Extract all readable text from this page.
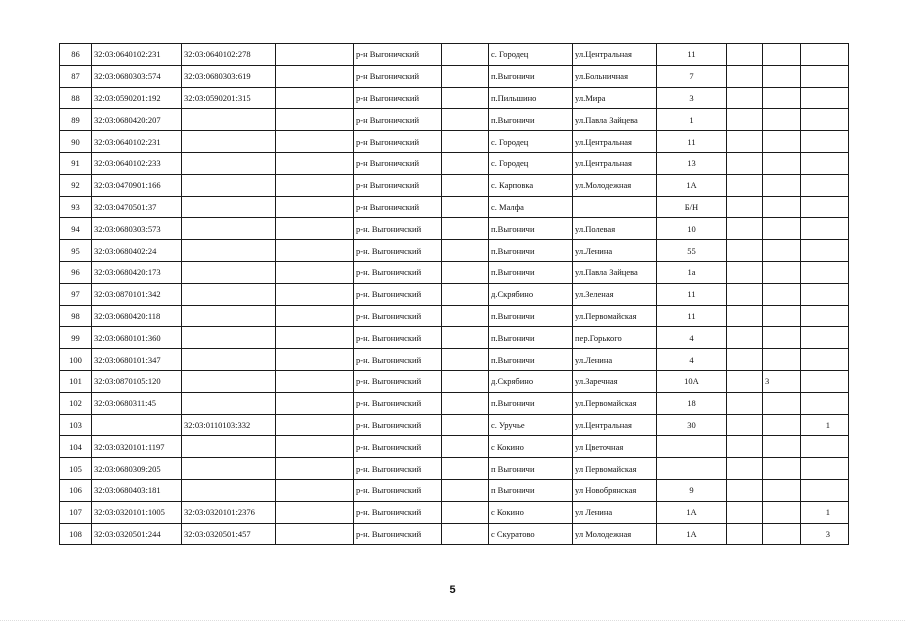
86	32:03:0640102:231	32:03:0640102:278		р-н Выгоничский		с. Городец	ул.Центральная	11			
87	32:03:0680303:574	32:03:0680303:619		р-н Выгоничский		п.Выгоничи	ул.Больничная	7			
88	32:03:0590201:192	32:03:0590201:315		р-н Выгоничский		п.Пильшино	ул.Мира	3			
89	32:03:0680420:207			р-н Выгоничский		п.Выгоничи	ул.Павла Зайцева	1			
90	32:03:0640102:231			р-н Выгоничский		с. Городец	ул.Центральная	11			
91	32:03:0640102:233			р-н Выгоничский		с. Городец	ул.Центральная	13			
92	32:03:0470901:166			р-н Выгоничский		с. Карповка	ул.Молодежная	1А			
93	32:03:0470501:37			р-н Выгоничский		с. Малфа		Б/Н			
94	32:03:0680303:573			р-н. Выгоничский		п.Выгоничи	ул.Полевая	10			
95	32:03:0680402:24			р-н. Выгоничский		п.Выгоничи	ул.Ленина	55			
96	32:03:0680420:173			р-н. Выгоничский		п.Выгоничи	ул.Павла Зайцева	1а			
97	32:03:0870101:342			р-н. Выгоничский		д.Скрябино	ул.Зеленая	11			
98	32:03:0680420:118			р-н. Выгоничский		п.Выгоничи	ул.Первомайская	11			
99	32:03:0680101:360			р-н. Выгоничский		п.Выгоничи	пер.Горького	4			
100	32:03:0680101:347			р-н. Выгоничский		п.Выгоничи	ул.Ленина	4			
101	32:03:0870105:120			р-н. Выгоничский		д.Скрябино	ул.Заречная	10А		3	
102	32:03:0680311:45			р-н. Выгоничский		п.Выгоничи	ул.Первомайская	18			
103		32:03:0110103:332		р-н. Выгоничский		с. Уручье	ул.Центральная	30			1
104	32:03:0320101:1197			р-н. Выгоничский		с Кокино	ул Цветочная				
105	32:03:0680309:205			р-н. Выгоничский		п Выгоничи	ул Первомайская				
106	32:03:0680403:181			р-н. Выгоничский		п Выгоничи	ул Новобрянская	9			
107	32:03:0320101:1005	32:03:0320101:2376		р-н. Выгоничский		с Кокино	ул Ленина	1А			1
108	32:03:0320501:244	32:03:0320501:457		р-н. Выгоничский		с Скуратово	ул Молодежная	1А			3
5
